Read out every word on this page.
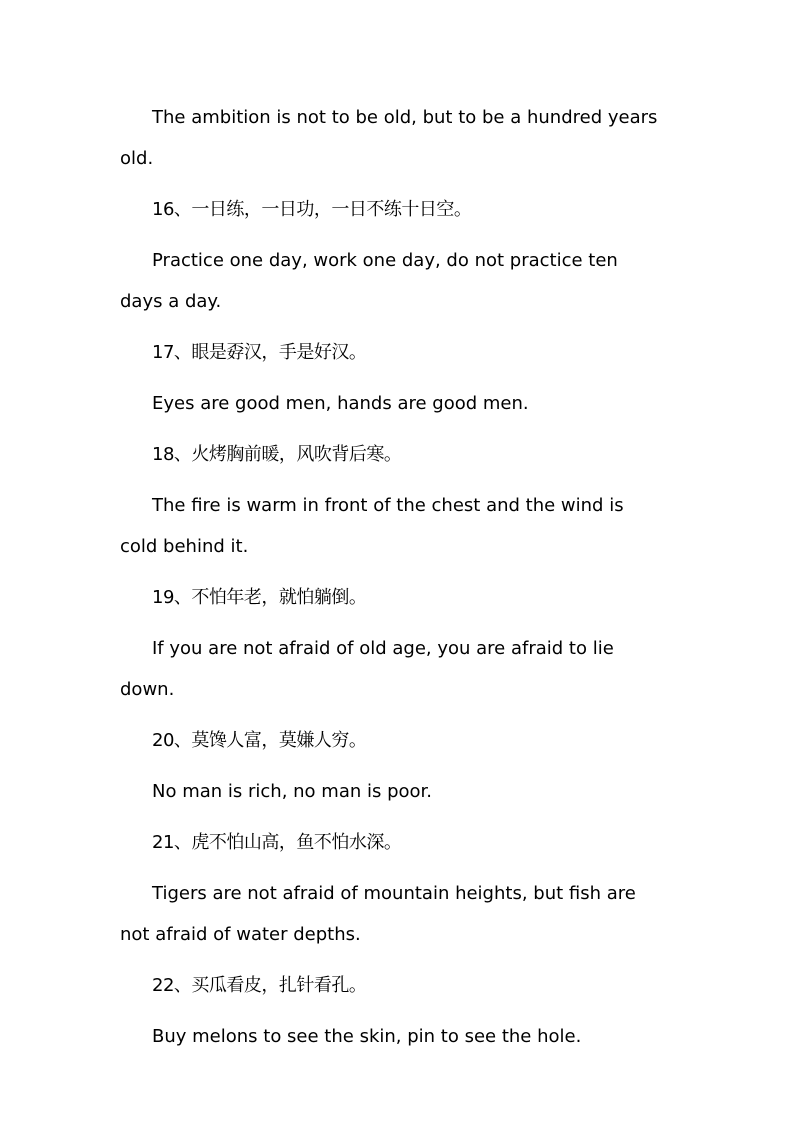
The ambition is not to be old, but to be a hundred years old.

16、一日练，一日功，一日不练十日空。

Practice one day, work one day, do not practice ten days a day.

17、眼是孬汉，手是好汉。

Eyes are good men, hands are good men.

18、火烤胸前暖，风吹背后寒。

The fire is warm in front of the chest and the wind is cold behind it.

19、不怕年老，就怕躺倒。

If you are not afraid of old age, you are afraid to lie down.

20、莫馋人富，莫嫌人穷。

No man is rich, no man is poor.

21、虎不怕山高，鱼不怕水深。

Tigers are not afraid of mountain heights, but fish are not afraid of water depths.

22、买瓜看皮，扎针看孔。

Buy melons to see the skin, pin to see the hole.
